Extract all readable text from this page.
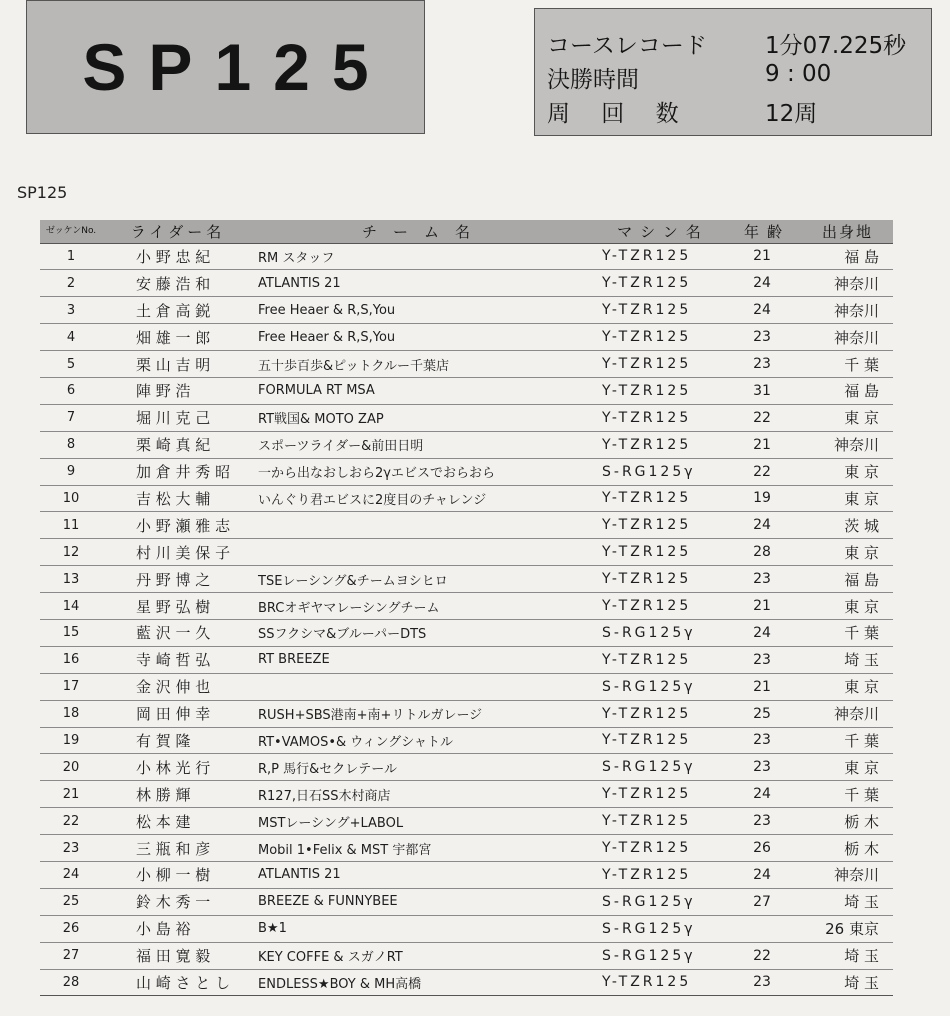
SP125	コースレコード	1分07.225秒
決勝時間	9 : 00
周 回 数	12周
SP125
ゼッケンNo.	ライダー名	チーム名	マシン名	年齢	出身地
1	小 野 忠 紀	RM スタッフ	Y-TZR125	21	福 島
2	安 藤 浩 和	ATLANTIS 21	Y-TZR125	24	神奈川
3	土 倉 高 鋭	Free Heaer & R,S,You	Y-TZR125	24	神奈川
4	畑 雄 一 郎	Free Heaer & R,S,You	Y-TZR125	23	神奈川
5	栗 山 吉 明	五十歩百歩&ピットクルー千葉店	Y-TZR125	23	千 葉
6	陣 野 浩	FORMULA RT MSA	Y-TZR125	31	福 島
7	堀 川 克 己	RT戦国& MOTO ZAP	Y-TZR125	22	東 京
8	栗 崎 真 紀	スポーツライダー&前田日明	Y-TZR125	21	神奈川
9	加 倉 井 秀 昭	一から出なおしおら2γエビスでおらおら	S-RG125γ	22	東 京
10	吉 松 大 輔	いんぐり君エビスに2度目のチャレンジ	Y-TZR125	19	東 京
11	小 野 瀬 雅 志		Y-TZR125	24	茨 城
12	村 川 美 保 子		Y-TZR125	28	東 京
13	丹 野 博 之	TSEレーシング&チームヨシヒロ	Y-TZR125	23	福 島
14	星 野 弘 樹	BRCオギヤマレーシングチーム	Y-TZR125	21	東 京
15	藍 沢 一 久	SSフクシマ&ブルーパーDTS	S-RG125γ	24	千 葉
16	寺 崎 哲 弘	RT BREEZE	Y-TZR125	23	埼 玉
17	金 沢 伸 也		S-RG125γ	21	東 京
18	岡 田 伸 幸	RUSH+SBS港南+南+リトルガレージ	Y-TZR125	25	神奈川
19	有 賀 隆	RT•VAMOS•& ウィングシャトル	Y-TZR125	23	千 葉
20	小 林 光 行	R,P 馬行&セクレテール	S-RG125γ	23	東 京
21	林 勝 輝	R127,日石SS木村商店	Y-TZR125	24	千 葉
22	松 本 建	MSTレーシング+LABOL	Y-TZR125	23	栃 木
23	三 瓶 和 彦	Mobil 1•Felix & MST 宇都宮	Y-TZR125	26	栃 木
24	小 柳 一 樹	ATLANTIS 21	Y-TZR125	24	神奈川
25	鈴 木 秀 一	BREEZE & FUNNYBEE	S-RG125γ	27	埼 玉
26	小 島 裕	B★1	S-RG125γ		26 東京
27	福 田 寛 毅	KEY COFFE & スガノRT	S-RG125γ	22	埼 玉
28	山 崎 さ と し	ENDLESS★BOY & MH高橋	Y-TZR125	23	埼 玉
